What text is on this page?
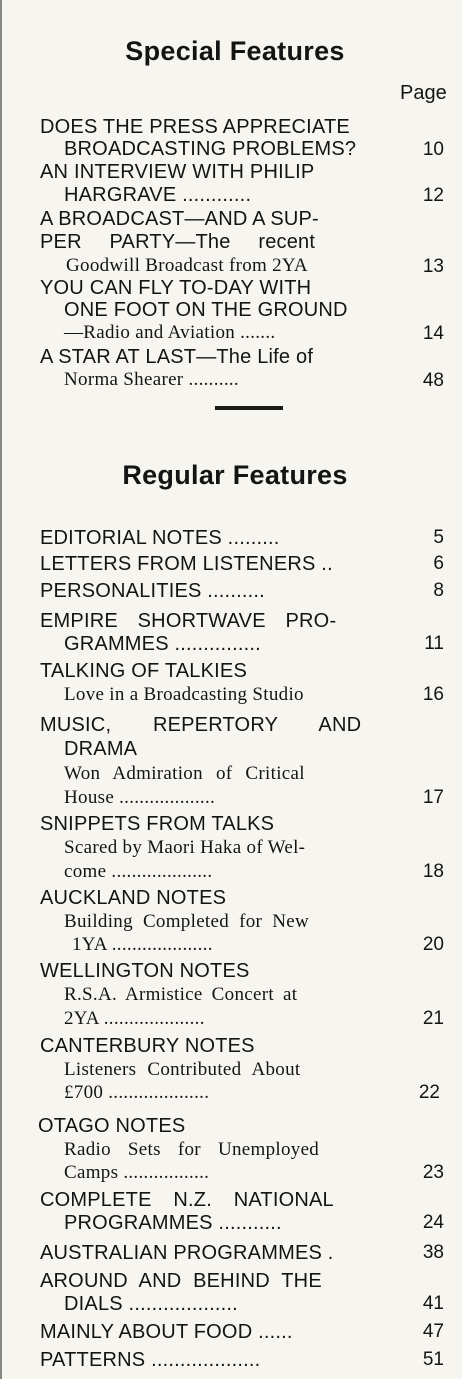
Special Features
Page
DOES THE PRESS APPRECIATE
BROADCASTING PROBLEMS?	10
AN INTERVIEW WITH PHILIP
HARGRAVE ............	12
A BROADCAST—AND A SUP-
PER PARTY—The recent
Goodwill Broadcast from 2YA	13
YOU CAN FLY TO-DAY WITH
ONE FOOT ON THE GROUND
—Radio and Aviation .......	14
A STAR AT LAST—The Life of
Norma Shearer ..........	48
Regular Features
EDITORIAL NOTES .........	5
LETTERS FROM LISTENERS ..	6
PERSONALITIES ..........	8
EMPIRE SHORTWAVE PRO-
GRAMMES ...............	11
TALKING OF TALKIES
Love in a Broadcasting Studio	16
MUSIC, REPERTORY AND
DRAMA
Won Admiration of Critical
House ...................	17
SNIPPETS FROM TALKS
Scared by Maori Haka of Wel-
come ....................	18
AUCKLAND NOTES
Building Completed for New
1YA ....................	20
WELLINGTON NOTES
R.S.A. Armistice Concert at
2YA ....................	21
CANTERBURY NOTES
Listeners Contributed About
£700 ....................	22
OTAGO NOTES
Radio Sets for Unemployed
Camps .................	23
COMPLETE N.Z. NATIONAL
PROGRAMMES ...........	24
AUSTRALIAN PROGRAMMES .	38
AROUND AND BEHIND THE
DIALS ...................	41
MAINLY ABOUT FOOD ......	47
PATTERNS ...................	51
